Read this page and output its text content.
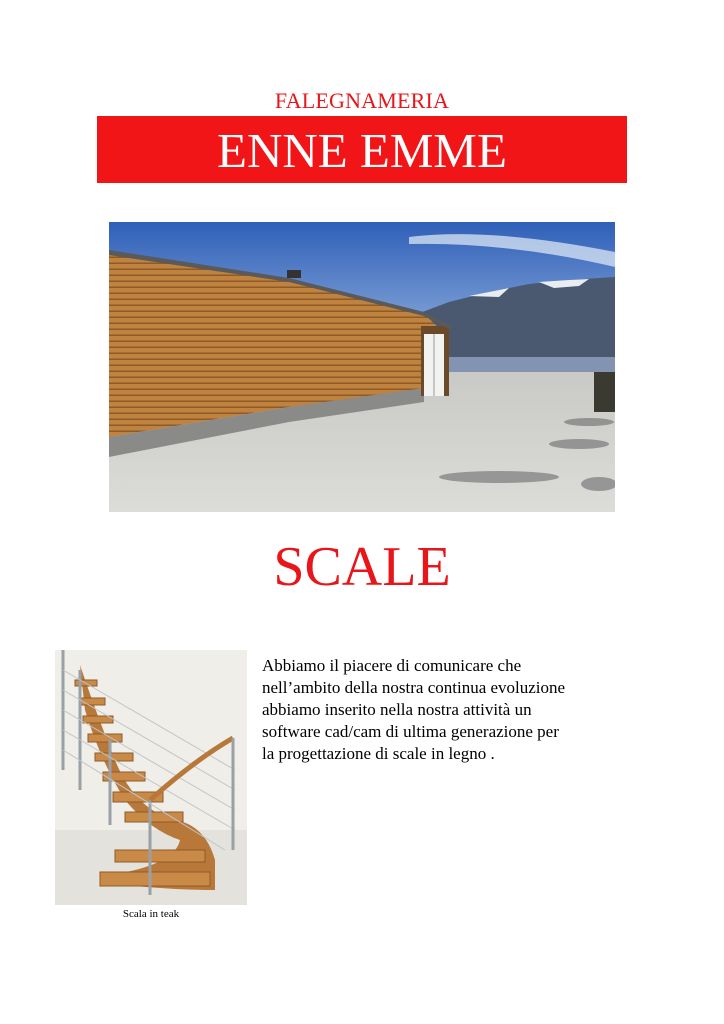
FALEGNAMERIA
ENNE EMME
SCALE
Scala in teak
Abbiamo il piacere di comunicare che
nell’ambito della nostra continua evoluzione
abbiamo inserito nella nostra attività un
software cad/cam di ultima generazione per
la progettazione di scale in legno .
